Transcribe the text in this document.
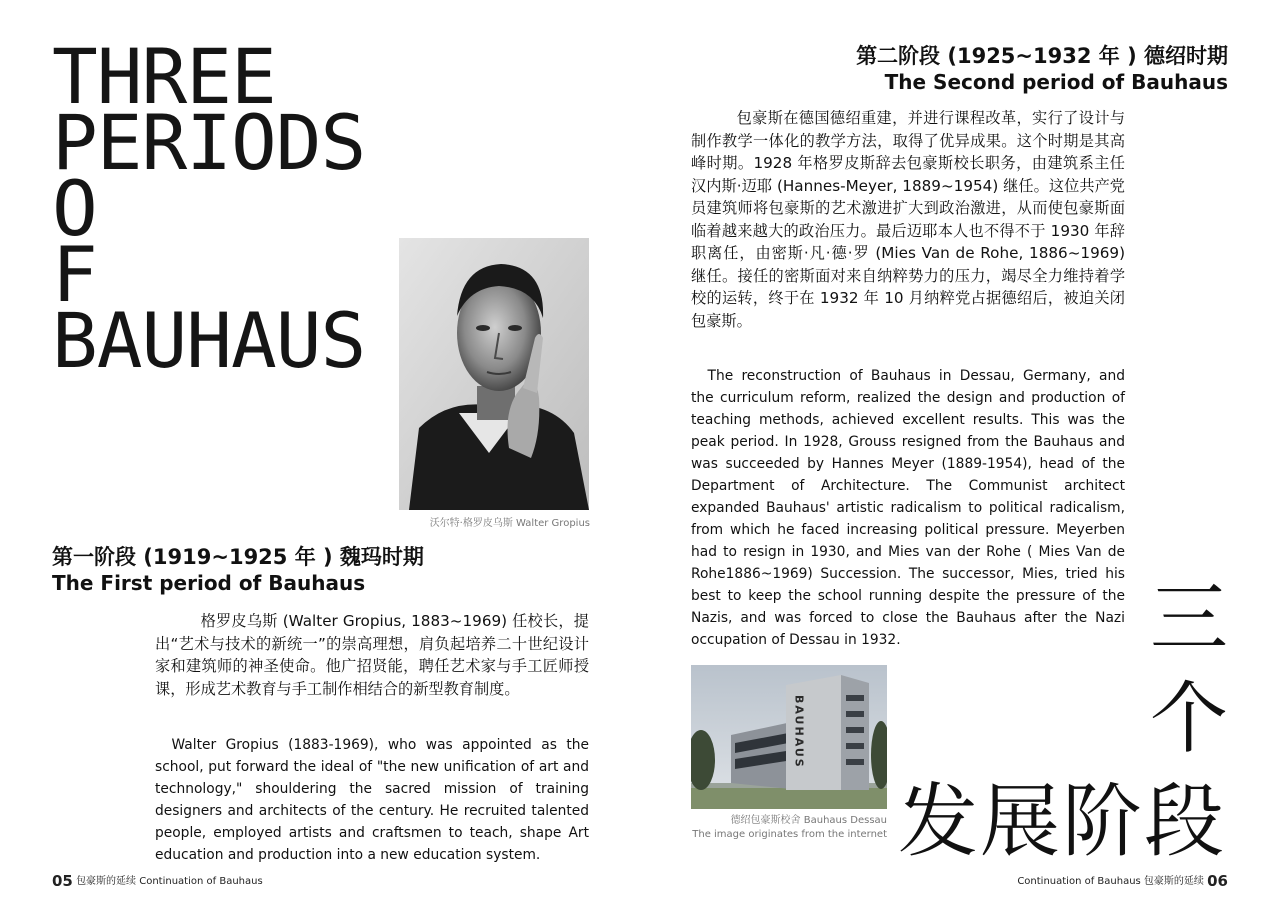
THREE
PERIODS
O
F
BAUHAUS
沃尔特·格罗皮乌斯 Walter Gropius
第一阶段 (1919~1925 年 ) 魏玛时期
The First period of Bauhaus

格罗皮乌斯 (Walter Gropius, 1883~1969) 任校长，提出“艺术与技术的新统一”的崇高理想，肩负起培养二十世纪设计家和建筑师的神圣使命。他广招贤能，聘任艺术家与手工匠师授课，形成艺术教育与手工制作相结合的新型教育制度。

Walter Gropius (1883-1969), who was appointed as the school, put forward the ideal of "the new unification of art and technology," shouldering the sacred mission of training designers and architects of the century. He recruited talented people, employed artists and craftsmen to teach, shape Art education and production into a new education system.

第二阶段 (1925~1932 年 ) 德绍时期
The Second period of Bauhaus

包豪斯在德国德绍重建，并进行课程改革，实行了设计与制作教学一体化的教学方法，取得了优异成果。这个时期是其高峰时期。1928 年格罗皮斯辞去包豪斯校长职务，由建筑系主任汉内斯·迈耶 (Hannes-Meyer, 1889~1954) 继任。这位共产党员建筑师将包豪斯的艺术激进扩大到政治激进，从而使包豪斯面临着越来越大的政治压力。最后迈耶本人也不得不于 1930 年辞职离任，由密斯·凡·德·罗 (Mies Van de Rohe, 1886~1969) 继任。接任的密斯面对来自纳粹势力的压力，竭尽全力维持着学校的运转，终于在 1932 年 10 月纳粹党占据德绍后，被迫关闭包豪斯。

The reconstruction of Bauhaus in Dessau, Germany, and the curriculum reform, realized the design and production of teaching methods, achieved excellent results. This was the peak period. In 1928, Grouss resigned from the Bauhaus and was succeeded by Hannes Meyer (1889-1954), head of the Department of Architecture. The Communist architect expanded Bauhaus' artistic radicalism to political radicalism, from which he faced increasing political pressure. Meyerben had to resign in 1930, and Mies van der Rohe ( Mies Van de Rohe1886~1969) Succession. The successor, Mies, tried his best to keep the school running despite the pressure of the Nazis, and was forced to close the Bauhaus after the Nazi occupation of Dessau in 1932.

BAUHAUS
德绍包豪斯校舍 Bauhaus Dessau
The image originates from the internet
三
个
发展阶段
05 包豪斯的延续 Continuation of Bauhaus	Continuation of Bauhaus 包豪斯的延续 06
